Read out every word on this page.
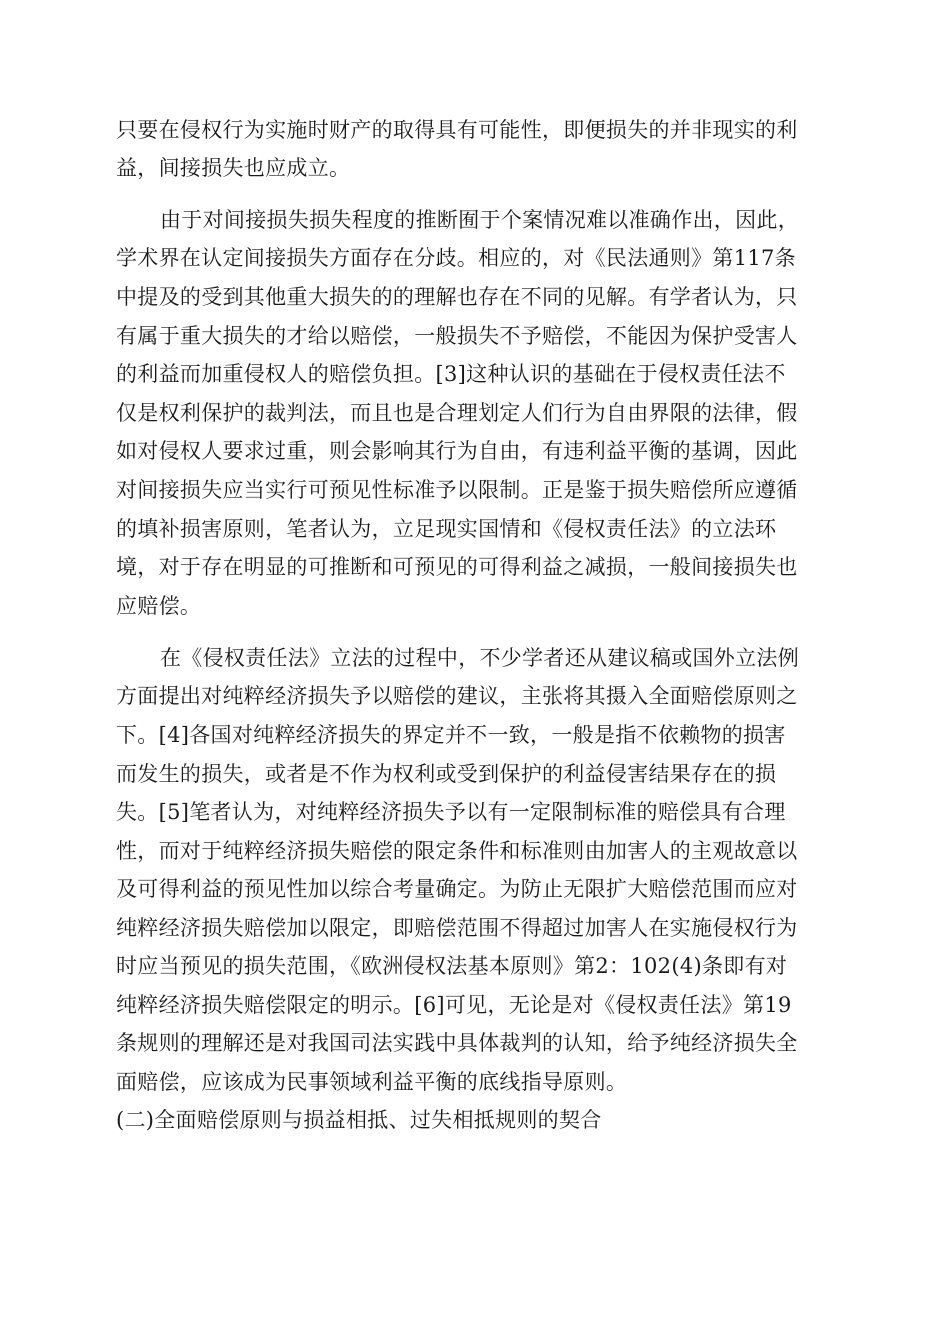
只要在侵权行为实施时财产的取得具有可能性，即便损失的并非现实的利
益，间接损失也应成立。
由于对间接损失损失程度的推断囿于个案情况难以准确作出，因此，
学术界在认定间接损失方面存在分歧。相应的，对《民法通则》第117条
中提及的受到其他重大损失的的理解也存在不同的见解。有学者认为，只
有属于重大损失的才给以赔偿，一般损失不予赔偿，不能因为保护受害人
的利益而加重侵权人的赔偿负担。[3]这种认识的基础在于侵权责任法不
仅是权利保护的裁判法，而且也是合理划定人们行为自由界限的法律，假
如对侵权人要求过重，则会影响其行为自由，有违利益平衡的基调，因此
对间接损失应当实行可预见性标准予以限制。正是鉴于损失赔偿所应遵循
的填补损害原则，笔者认为，立足现实国情和《侵权责任法》的立法环
境，对于存在明显的可推断和可预见的可得利益之减损，一般间接损失也
应赔偿。
在《侵权责任法》立法的过程中，不少学者还从建议稿或国外立法例
方面提出对纯粹经济损失予以赔偿的建议，主张将其摄入全面赔偿原则之
下。[4]各国对纯粹经济损失的界定并不一致，一般是指不依赖物的损害
而发生的损失，或者是不作为权利或受到保护的利益侵害结果存在的损
失。[5]笔者认为，对纯粹经济损失予以有一定限制标准的赔偿具有合理
性，而对于纯粹经济损失赔偿的限定条件和标准则由加害人的主观故意以
及可得利益的预见性加以综合考量确定。为防止无限扩大赔偿范围而应对
纯粹经济损失赔偿加以限定，即赔偿范围不得超过加害人在实施侵权行为
时应当预见的损失范围，《欧洲侵权法基本原则》第2：102(4)条即有对
纯粹经济损失赔偿限定的明示。[6]可见，无论是对《侵权责任法》第19
条规则的理解还是对我国司法实践中具体裁判的认知，给予纯经济损失全
面赔偿，应该成为民事领域利益平衡的底线指导原则。
(二)全面赔偿原则与损益相抵、过失相抵规则的契合
